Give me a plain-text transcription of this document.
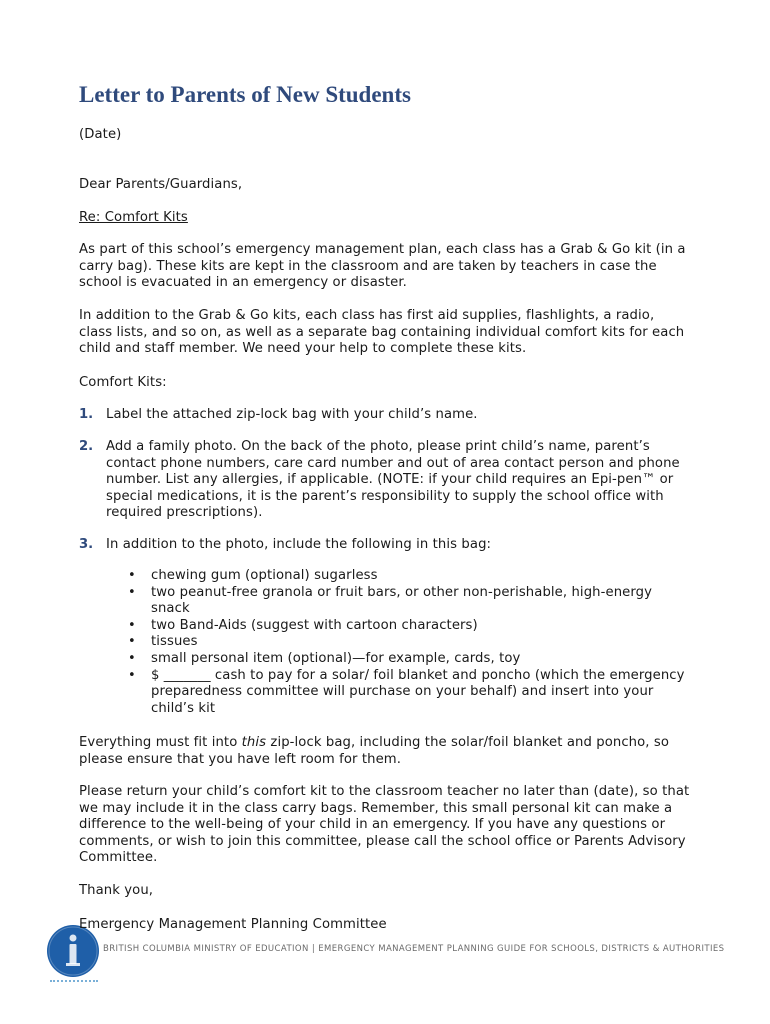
Letter to Parents of New Students

(Date)

Dear Parents/Guardians,

Re: Comfort Kits

As part of this school’s emergency management plan, each class has a Grab & Go kit (in a carry bag). These kits are kept in the classroom and are taken by teachers in case the school is evacuated in an emergency or disaster.

In addition to the Grab & Go kits, each class has first aid supplies, flashlights, a radio, class lists, and so on, as well as a separate bag containing individual comfort kits for each child and staff member. We need your help to complete these kits.

Comfort Kits:

1. Label the attached zip-lock bag with your child’s name.

2. Add a family photo. On the back of the photo, please print child’s name, parent’s contact phone numbers, care card number and out of area contact person and phone number. List any allergies, if applicable. (NOTE: if your child requires an Epi-pen™ or special medications, it is the parent’s responsibility to supply the school office with required prescriptions).

3. In addition to the photo, include the following in this bag:

• chewing gum (optional) sugarless
• two peanut-free granola or fruit bars, or other non-perishable, high-energy snack
• two Band-Aids (suggest with cartoon characters)
• tissues
• small personal item (optional)—for example, cards, toy
• $ _______ cash to pay for a solar/ foil blanket and poncho (which the emergency preparedness committee will purchase on your behalf) and insert into your child’s kit

Everything must fit into this zip-lock bag, including the solar/foil blanket and poncho, so please ensure that you have left room for them.

Please return your child’s comfort kit to the classroom teacher no later than (date), so that we may include it in the class carry bags. Remember, this small personal kit can make a difference to the well-being of your child in an emergency. If you have any questions or comments, or wish to join this committee, please call the school office or Parents Advisory Committee.

Thank you,

Emergency Management Planning Committee
BRITISH COLUMBIA MINISTRY OF EDUCATION | EMERGENCY MANAGEMENT PLANNING GUIDE FOR SCHOOLS, DISTRICTS & AUTHORITIES
